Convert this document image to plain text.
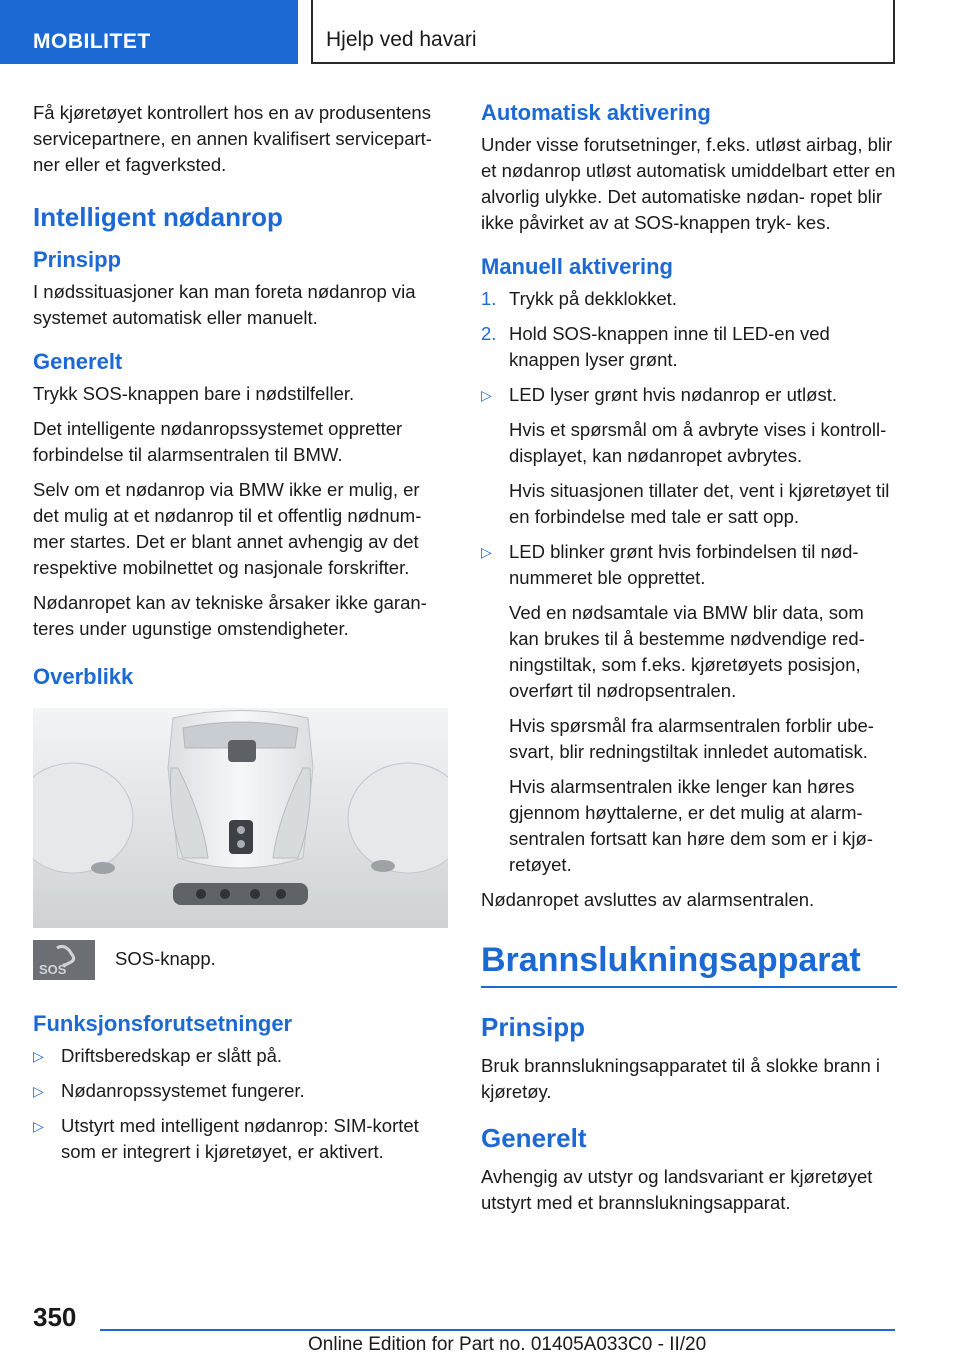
MOBILITET	Hjelp ved havari

Få kjøretøyet kontrollert hos en av produsentens servicepartnere, en annen kvalifisert servicepart- ner eller et fagverksted.

Intelligent nødanrop
Prinsipp

I nødssituasjoner kan man foreta nødanrop via systemet automatisk eller manuelt.

Generelt

Trykk SOS-knappen bare i nødstilfeller.

Det intelligente nødanropssystemet oppretter forbindelse til alarmsentralen til BMW.

Selv om et nødanrop via BMW ikke er mulig, er det mulig at et nødanrop til et offentlig nødnum- mer startes. Det er blant annet avhengig av det respektive mobilnettet og nasjonale forskrifter.

Nødanropet kan av tekniske årsaker ikke garan- teres under ugunstige omstendigheter.

Overblikk
SOS

SOS-knapp.

Funksjonsforutsetninger
▷ Driftsberedskap er slått på.
▷ Nødanropssystemet fungerer.
▷ Utstyrt med intelligent nødanrop: SIM-kortet som er integrert i kjøretøyet, er aktivert.
Automatisk aktivering

Under visse forutsetninger, f.eks. utløst airbag, blir et nødanrop utløst automatisk umiddelbart etter en alvorlig ulykke. Det automatiske nødan- ropet blir ikke påvirket av at SOS-knappen tryk- kes.

Manuell aktivering
1. Trykk på dekklokket.
2. Hold SOS-knappen inne til LED-en ved knappen lyser grønt.
▷ LED lyser grønt hvis nødanrop er utløst.

Hvis et spørsmål om å avbryte vises i kontroll- displayet, kan nødanropet avbrytes.

Hvis situasjonen tillater det, vent i kjøretøyet til en forbindelse med tale er satt opp.

▷ LED blinker grønt hvis forbindelsen til nød- nummeret ble opprettet.

Ved en nødsamtale via BMW blir data, som kan brukes til å bestemme nødvendige red- ningstiltak, som f.eks. kjøretøyets posisjon, overført til nødropsentralen.

Hvis spørsmål fra alarmsentralen forblir ube- svart, blir redningstiltak innledet automatisk.

Hvis alarmsentralen ikke lenger kan høres gjennom høyttalerne, er det mulig at alarm- sentralen fortsatt kan høre dem som er i kjø- retøyet.

Nødanropet avsluttes av alarmsentralen.

Brannslukningsapparat
Prinsipp

Bruk brannslukningsapparatet til å slokke brann i kjøretøy.

Generelt

Avhengig av utstyr og landsvariant er kjøretøyet utstyrt med et brannslukningsapparat.

350
Online Edition for Part no. 01405A033C0 - II/20
